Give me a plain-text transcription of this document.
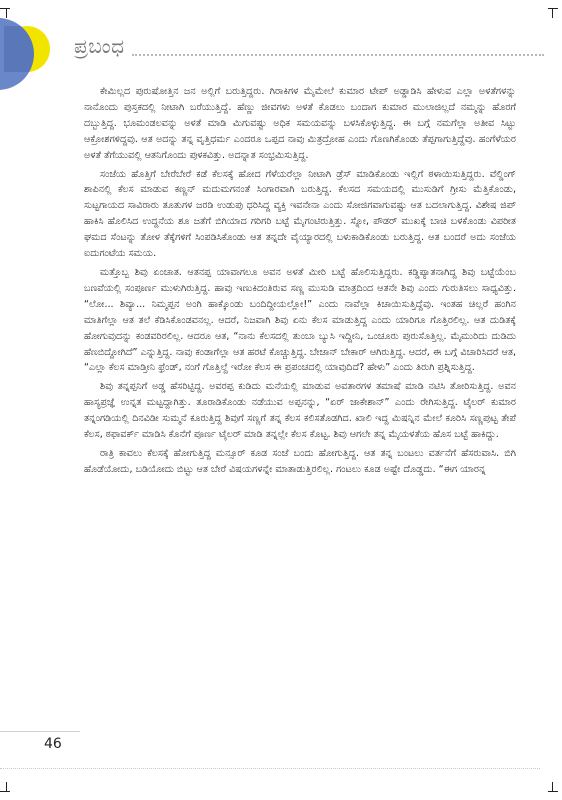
ಪ್ರಬಂಧ

ಕೇಮಿಲ್ಲದ ಪುರುಷೋತ್ತಿನ ಜನ ಅಲ್ಲಿಗೆ ಬರುತ್ತಿದ್ದರು. ಗಿರಾಕಿಗಳ ಮೈಮೇಲೆ ಕುಮಾರ ಟೇಪ್ ಅಡ್ಡಾಡಿಸಿ ಹೇಳುವ ಎಲ್ಲಾ ಅಳತೆಗಳನ್ನು ನಾನೊಂದು ಪುಸ್ತಕದಲ್ಲಿ ನೀಟಾಗಿ ಬರೆಯುತ್ತಿದ್ದೆ. ಹೆಣ್ಣು ಜೀವಗಳು ಅಳತೆ ಕೊಡಲು ಬಂದಾಗ ಕುಮಾರ ಮುಲಾಜಿಲ್ಲದೆ ನಮ್ಮನ್ನು ಹೊರಗೆ ದಬ್ಬುತ್ತಿದ್ದ. ಭೂಮಂಡಲವನ್ನು ಅಳತೆ ಮಾಡಿ ಮಿಗುವಷ್ಟು ಅಧಿಕ ಸಮಯವನ್ನು ಬಳಸಿಕೊಳ್ಳುತ್ತಿದ್ದ. ಈ ಬಗ್ಗೆ ನಮಗೆಲ್ಲಾ ಅತೀವ ಸಿಟ್ಟು ಆಕ್ರೋಶಗಳಿದ್ದವು. ಆತ ಅದನ್ನು ತನ್ನ ವೃತ್ತಿಧರ್ಮ ಎಂದರೂ ಒಪ್ಪದ ನಾವು ಮಿತ್ರದ್ರೋಹ ಎಂದು ಗೊಣಗಿಕೊಂಡು ತೆಪ್ಪಗಾಗುತ್ತಿದ್ದೆವು. ಹಂಗೆಳೆಯರ ಅಳತೆ ತೆಗೆಯುವಲ್ಲಿ ಆತನಿಗೊಂದು ಪುಳಕವಿತ್ತು. ಅದನ್ನಾತ ಸಂಭ್ರಮಿಸುತ್ತಿದ್ದ.

ಸಂಜೆಯ ಹೊತ್ತಿಗೆ ಬೇರೆಬೇರೆ ಕಡೆ ಕೆಲಸಕ್ಕೆ ಹೋದ ಗೆಳೆಯರೆಲ್ಲಾ ನೀಟಾಗಿ ಡ್ರೆಸ್ ಮಾಡಿಕೊಂಡು ಇಲ್ಲಿಗೆ ಠಳಾಯಿಸುತ್ತಿದ್ದರು. ವೆಲ್ಡಿಂಗ್ ಶಾಪಿನಲ್ಲಿ ಕೆಲಸ ಮಾಡುವ ಕಣ್ಣನ್ ಮದುಮಗನಂತೆ ಸಿಂಗಾರವಾಗಿ ಬರುತ್ತಿದ್ದ. ಕೆಲಸದ ಸಮಯದಲ್ಲಿ ಮುಸುಡಿಗೆ ಗ್ರೀಸು ಮೆತ್ತಿಕೊಂಡು, ಸುಟ್ಟಗಾಯದ ಸಾವಿರಾರು ತೂತುಗಳ ಜರಡಿ ಉಡುಪು ಧರಿಸಿದ್ದ ವ್ಯಕ್ತಿ ಇವನೇನಾ ಎಂದು ಸೋಜಿಗವಾಗುವಷ್ಟು ಆತ ಬದಲಾಗುತ್ತಿದ್ದ. ವಿಶೇಷ ಜಿಪ್ ಹಾಕಿಸಿ ಹೊಲಿಸಿದ ಉದ್ದನೆಯ ಶೂ ಜತೆಗೆ ಬಿಗಿಯಾದ ಗರಿಗರಿ ಬಟ್ಟೆ ಮೈಗಂಟಿರುತ್ತಿತ್ತು. ಸ್ನೋ, ಪೌಡರ್ ಮುಖಕ್ಕೆ ಬಾಚಿ ಬಳಕೊಂಡು ವಿಪರೀತ ಘಮದ ಸೆಂಟನ್ನು ತೋಳ ತೆಕ್ಕೆಗಳಿಗೆ ಸಿಂಪಡಿಸಿಕೊಂಡು ಆತ ತನ್ನದೇ ವೈಯ್ಯಾರದಲ್ಲಿ ಬಳುಕಾಡಿಕೊಂಡು ಬರುತ್ತಿದ್ದ. ಆತ ಬಂದರೆ ಅದು ಸಂಜೆಯ ಐದುಗಂಟೆಯ ಸಮಯ.

ಮತ್ತೊಬ್ಬ ಶಿವು ಏಂಚಾತ. ಆತನಪ್ಪ ಯಾವಾಗಲೂ ಅವನ ಅಳತೆ ಮೀರಿ ಬಟ್ಟೆ ಹೊಲಿಸುತ್ತಿದ್ದರು. ಕಡ್ಡಿಪ್ಯಾತನಾಗಿದ್ದ ಶಿವು ಬಟ್ಟೆಯೆಂಬ ಬಣವೆಯಲ್ಲಿ ಸಂಪೂರ್ಣ ಮುಳುಗಿರುತ್ತಿದ್ದ. ಹಾವು ಇಣುಕಿದಂತಿರುವ ಸಣ್ಣ ಮುಸುಡಿ ಮಾತ್ರದಿಂದ ಆತನೇ ಶಿವು ಎಂದು ಗುರುತಿಸಲು ಸಾಧ್ಯವಿತ್ತು. “ಲೋ... ಶಿವ್ಯಾ... ನಿಮ್ಮಪ್ಪನ ಅಂಗಿ ಹಾಕ್ಕೊಂಡು ಬಂದಿದ್ದೀಯಲ್ಲೋ!” ಎಂದು ನಾವೆಲ್ಲಾ ಕಿಚಾಯಿಸುತ್ತಿದ್ದೆವು. ಇಂತಹ ಚಿಲ್ಲರೆ ಹಂಗಿನ ಮಾತಿಗೆಲ್ಲಾ ಆತ ತಲೆ ಕೆಡಿಸಿಕೊಂಡವನಲ್ಲ. ಆದರೆ, ನಿಜವಾಗಿ ಶಿವು ಏನು ಕೆಲಸ ಮಾಡುತ್ತಿದ್ದ ಎಂದು ಯಾರಿಗೂ ಗೊತ್ತಿರಲಿಲ್ಲ. ಆತ ದುಡಿತಕ್ಕೆ ಹೋಗುವುದನ್ನು ಕಂಡವರಿರಲಿಲ್ಲ. ಆದರೂ ಆತ, “ನಾನು ಕೆಲಸದಲ್ಲಿ ತುಂಬಾ ಬ್ಯುಸಿ ಇದ್ದೀನಿ, ಒಂಚೂರು ಪುರುಸೊತ್ತಿಲ್ಲ. ಮೈಮುರಿದು ದುಡಿದು ಹೆಣಬಿದ್ದೋಗಿದೆ” ಎನ್ನುತ್ತಿದ್ದ. ನಾವು ಕಂಡಾಗೆಲ್ಲಾ ಆತ ಹರಟೆ ಕೊಚ್ಚುತ್ತಿದ್ದ. ಬೇಜಾನ್ ಬೇಕಾರ್ ಆಗಿರುತ್ತಿದ್ದ. ಆದರೆ, ಈ ಬಗ್ಗೆ ವಿಚಾರಿಸಿದರೆ ಆತ, “ಎಲ್ಲಾ ಕೆಲಸ ಮಾಡ್ತೀನಿ ಫ್ರೆಂಡ್, ನಂಗೆ ಗೊತ್ತಿಲ್ದೆ ಇರೋ ಕೆಲಸ ಈ ಪ್ರಪಂಚದಲ್ಲಿ ಯಾವುದಿದೆ? ಹೇಳು” ಎಂದು ತಿರುಗಿ ಪ್ರಶ್ನಿಸುತ್ತಿದ್ದ.

ಶಿವು ತನ್ನಪ್ಪನಿಗೆ ಅಡ್ಡ ಹೆಸರಿಟ್ಟಿದ್ದ. ಅವರಪ್ಪ ಕುಡಿದು ಮನೆಯಲ್ಲಿ ಮಾಡುವ ಅವತಾರಗಳ ತಮಾಷೆ ಮಾಡಿ ನಟಿಸಿ ತೋರಿಸುತ್ತಿದ್ದ. ಅವನ ಹಾಸ್ಯಪ್ರಜ್ಞೆ ಉನ್ನತ ಮಟ್ಟದ್ದಾಗಿತ್ತು. ತೂರಾಡಿಕೊಂಡು ನಡೆಯುವ ಅಪ್ಪನನ್ನು, “ಏರ್ ಜಾಕೇಶಾನ್” ಎಂದು ರೇಗಿಸುತ್ತಿದ್ದ. ಟೈಲರ್ ಕುಮಾರ ತನ್ನಂಗಡಿಯಲ್ಲಿ ದಿನವಿಡೀ ಸುಮ್ಮನೆ ಕೂರುತ್ತಿದ್ದ ಶಿವುಗೆ ಸಣ್ಣಗೆ ತನ್ನ ಕೆಲಸ ಕಲಿಸತೊಡಗಿದ. ಖಾಲಿ ಇದ್ದ ಮಿಷನ್ನಿನ ಮೇಲೆ ಕೂರಿಸಿ ಸಣ್ಣಪುಟ್ಟ ತೇಪೆ ಕೆಲಸ, ಠಫಾವರ್ಕ್ ಮಾಡಿಸಿ ಕೊನೆಗೆ ಪೂರ್ಣ ಟೈಲರ್ ಮಾಡಿ ತನ್ನಲ್ಲೇ ಕೆಲಸ ಕೊಟ್ಟ. ಶಿವು ಆಗಲೇ ತನ್ನ ಮೈಯಳತೆಯ ಹೊಸ ಬಟ್ಟೆ ಹಾಕಿದ್ದು.

ರಾತ್ರಿ ಕಾವಲು ಕೆಲಸಕ್ಕೆ ಹೋಗುತ್ತಿದ್ದ ಮನ್ಸೂರ್ ಕೂಡ ಸಂಜೆ ಬಂದು ಹೋಗುತ್ತಿದ್ದ. ಆತ ತನ್ನ ಬಂಟಲು ವರ್ತನೆಗೆ ಹೆಸರುವಾಸಿ. ಬಿಗಿ ಹೊಡೆಯೋದು, ಬಡಿಯೋದು ಬಿಟ್ಟು ಆತ ಬೇರೆ ವಿಷಯಗಳನ್ನೇ ಮಾತಾಡುತ್ತಿರಲಿಲ್ಲ. ಗಂಟಲು ಕೂಡ ಅಷ್ಟೇ ದೊಡ್ಡದು. “ಈಗ ಯಾರನ್ನ

46
